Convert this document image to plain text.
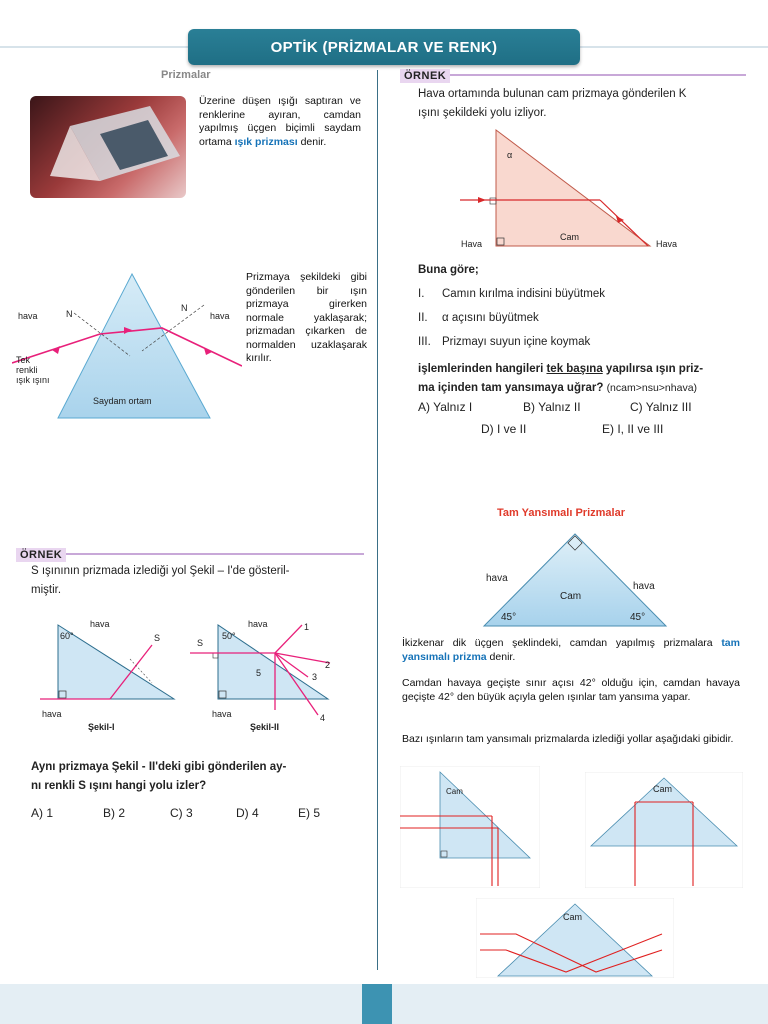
OPTİK (PRİZMALAR VE RENK)
Prizmalar
Üzerine düşen ışığı saptıran ve renklerine ayıran, camdan yapılmış üçgen biçimli saydam ortama ışık prizması denir.
hava	hava
N
N
Tek
renkli
ışık ışını
Saydam ortam
Prizmaya şekildeki gibi gönderilen bir ışın prizmaya girerken normale yaklaşarak; prizmadan çıkarken de normalden uzaklaşarak kırılır.
ÖRNEK
S ışınının prizmada izlediği yol Şekil – I'de gösteril-
miştir.
hava
60°	S
hava
Şekil-I
hava
50°
S
1
2
3
4
5
hava
Şekil-II
Aynı prizmaya Şekil - II'deki gibi gönderilen ay-
nı renkli S ışını hangi yolu izler?
A) 1	B) 2	C) 3	D) 4	E) 5
ÖRNEK
Hava ortamında bulunan cam prizmaya gönderilen K
ışını şekildeki yolu izliyor.
α
Hava
Cam
Hava
Buna göre;
I. Camın kırılma indisini büyütmek
II. α açısını büyütmek
III. Prizmayı suyun içine koymak
işlemlerinden hangileri tek başına yapılırsa ışın priz-
ma içinden tam yansımaya uğrar? (ncam>nsu>nhava)
A) Yalnız I	B) Yalnız II	C) Yalnız III
D) I ve II	E) I, II ve III
Tam Yansımalı Prizmalar
hava
hava
Cam
45°	45°
İkizkenar dik üçgen şeklindeki, camdan yapılmış prizmalara tam yansımalı prizma denir.
Camdan havaya geçişte sınır açısı 42° olduğu için, camdan havaya geçişte 42° den büyük açıyla gelen ışınlar tam yansıma yapar.
Bazı ışınların tam yansımalı prizmalarda izlediği yollar aşağıdaki gibidir.
Cam	Cam
Cam
